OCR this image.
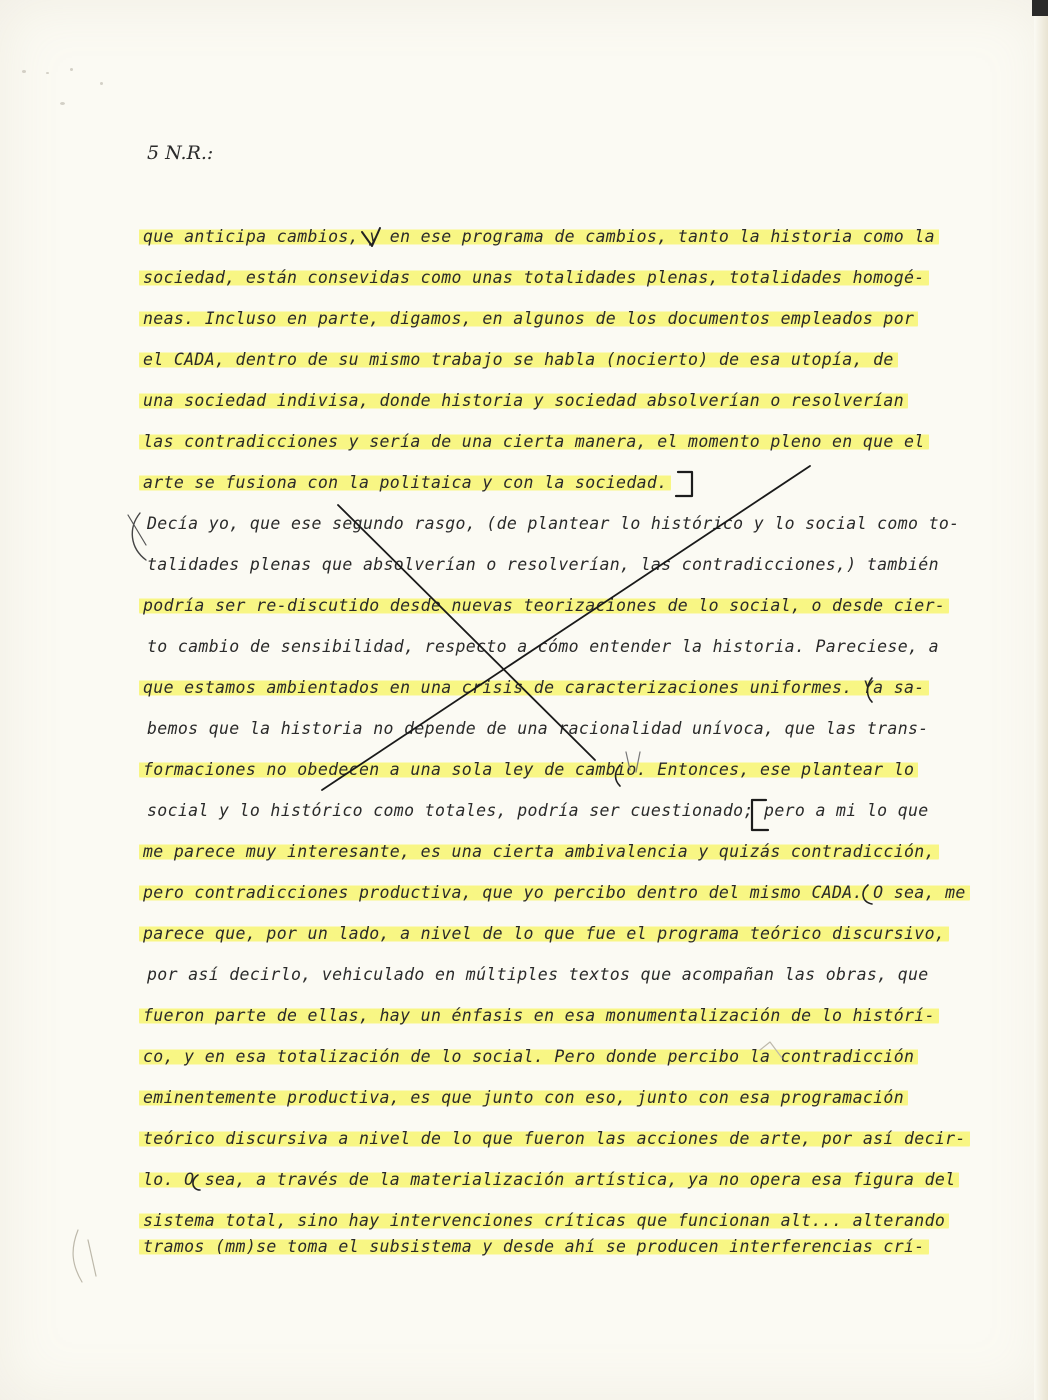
5 N.R.:
que anticipa cambios, y en ese programa de cambios, tanto la historia como la
sociedad, están consevidas como unas totalidades plenas, totalidades homogé-
neas. Incluso en parte, digamos, en algunos de los documentos empleados por
el CADA, dentro de su mismo trabajo se habla (nocierto) de esa utopía, de
una sociedad indivisa, donde historia y sociedad absolverían o resolverían
las contradicciones y sería de una cierta manera, el momento pleno en que el
arte se fusiona con la politaica y con la sociedad.
Decía yo, que ese segundo rasgo, (de plantear lo histórico y lo social como to-
talidades plenas que absolverían o resolverían, las contradicciones,) también
podría ser re-discutido desde nuevas teorizaciones de lo social, o desde cier-
to cambio de sensibilidad, respecto a cómo entender la historia. Pareciese, a
que estamos ambientados en una crisis de caracterizaciones uniformes. Ya sa-
bemos que la historia no depende de una racionalidad unívoca, que las trans-
formaciones no obedecen a una sola ley de cambio. Entonces, ese plantear lo
social y lo histórico como totales, podría ser cuestionado; pero a mi lo que
me parece muy interesante, es una cierta ambivalencia y quizás contradicción,
pero contradicciones productiva, que yo percibo dentro del mismo CADA. O sea, me
parece que, por un lado, a nivel de lo que fue el programa teórico discursivo,
por así decirlo, vehiculado en múltiples textos que acompañan las obras, que
fueron parte de ellas, hay un énfasis en esa monumentalización de lo histórí-
co, y en esa totalización de lo social. Pero donde percibo la contradicción
eminentemente productiva, es que junto con eso, junto con esa programación
teórico discursiva a nivel de lo que fueron las acciones de arte, por así decir-
lo. O sea, a través de la materialización artística, ya no opera esa figura del
sistema total, sino hay intervenciones críticas que funcionan alt... alterando
tramos (mm)se toma el subsistema y desde ahí se producen interferencias crí-
